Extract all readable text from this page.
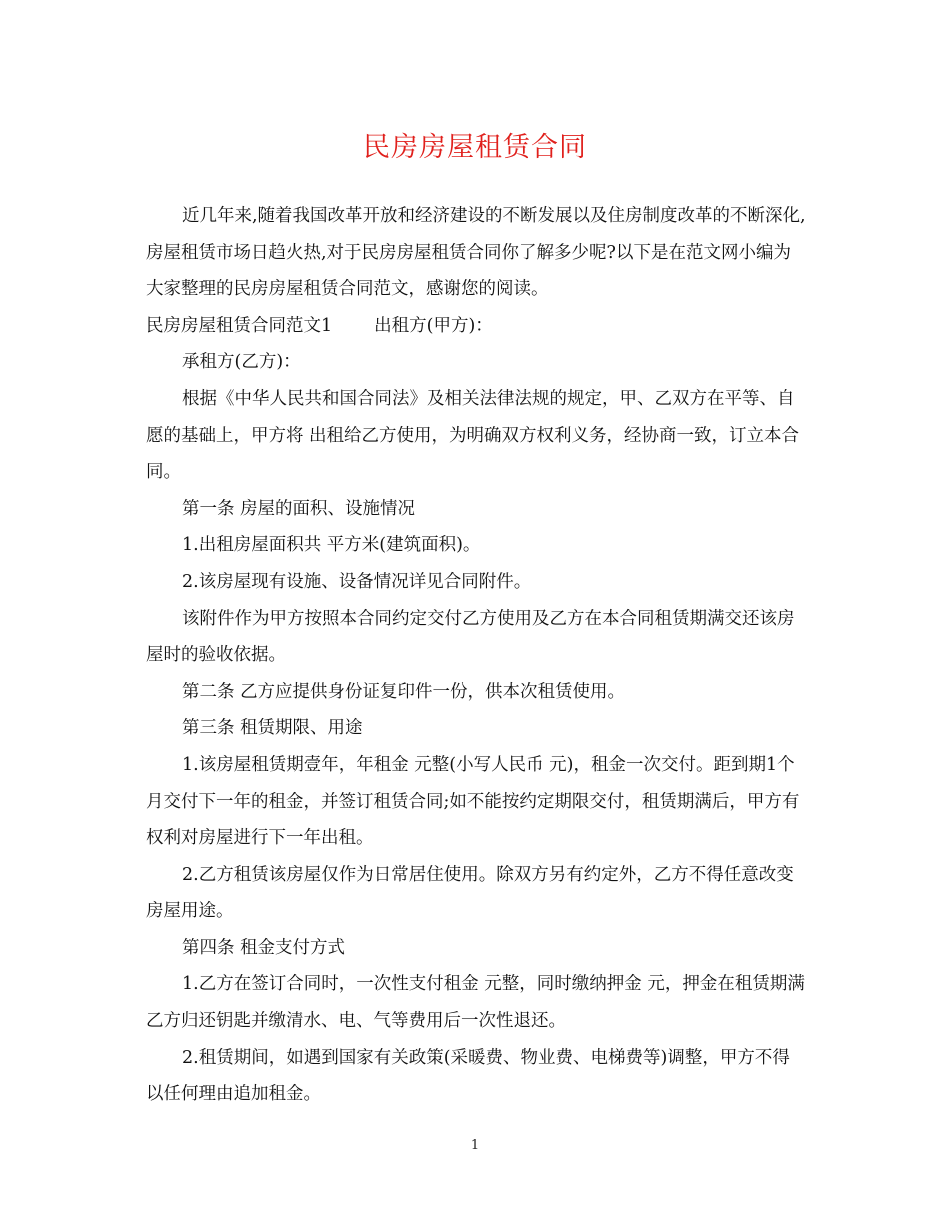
民房房屋租赁合同

近几年来,随着我国改革开放和经济建设的不断发展以及住房制度改革的不断深化,房屋租赁市场日趋火热,对于民房房屋租赁合同你了解多少呢?以下是在范文网小编为大家整理的民房房屋租赁合同范文，感谢您的阅读。

民房房屋租赁合同范文1 出租方(甲方)：

承租方(乙方)：

根据《中华人民共和国合同法》及相关法律法规的规定，甲、乙双方在平等、自愿的基础上，甲方将 出租给乙方使用，为明确双方权利义务，经协商一致，订立本合同。

第一条 房屋的面积、设施情况

1.出租房屋面积共 平方米(建筑面积)。

2.该房屋现有设施、设备情况详见合同附件。

该附件作为甲方按照本合同约定交付乙方使用及乙方在本合同租赁期满交还该房屋时的验收依据。

第二条 乙方应提供身份证复印件一份，供本次租赁使用。

第三条 租赁期限、用途

1.该房屋租赁期壹年，年租金 元整(小写人民币 元)，租金一次交付。距到期1个月交付下一年的租金，并签订租赁合同;如不能按约定期限交付，租赁期满后，甲方有权利对房屋进行下一年出租。

2.乙方租赁该房屋仅作为日常居住使用。除双方另有约定外，乙方不得任意改变房屋用途。

第四条 租金支付方式

1.乙方在签订合同时，一次性支付租金 元整，同时缴纳押金 元，押金在租赁期满乙方归还钥匙并缴清水、电、气等费用后一次性退还。

2.租赁期间，如遇到国家有关政策(采暖费、物业费、电梯费等)调整，甲方不得以任何理由追加租金。

1
